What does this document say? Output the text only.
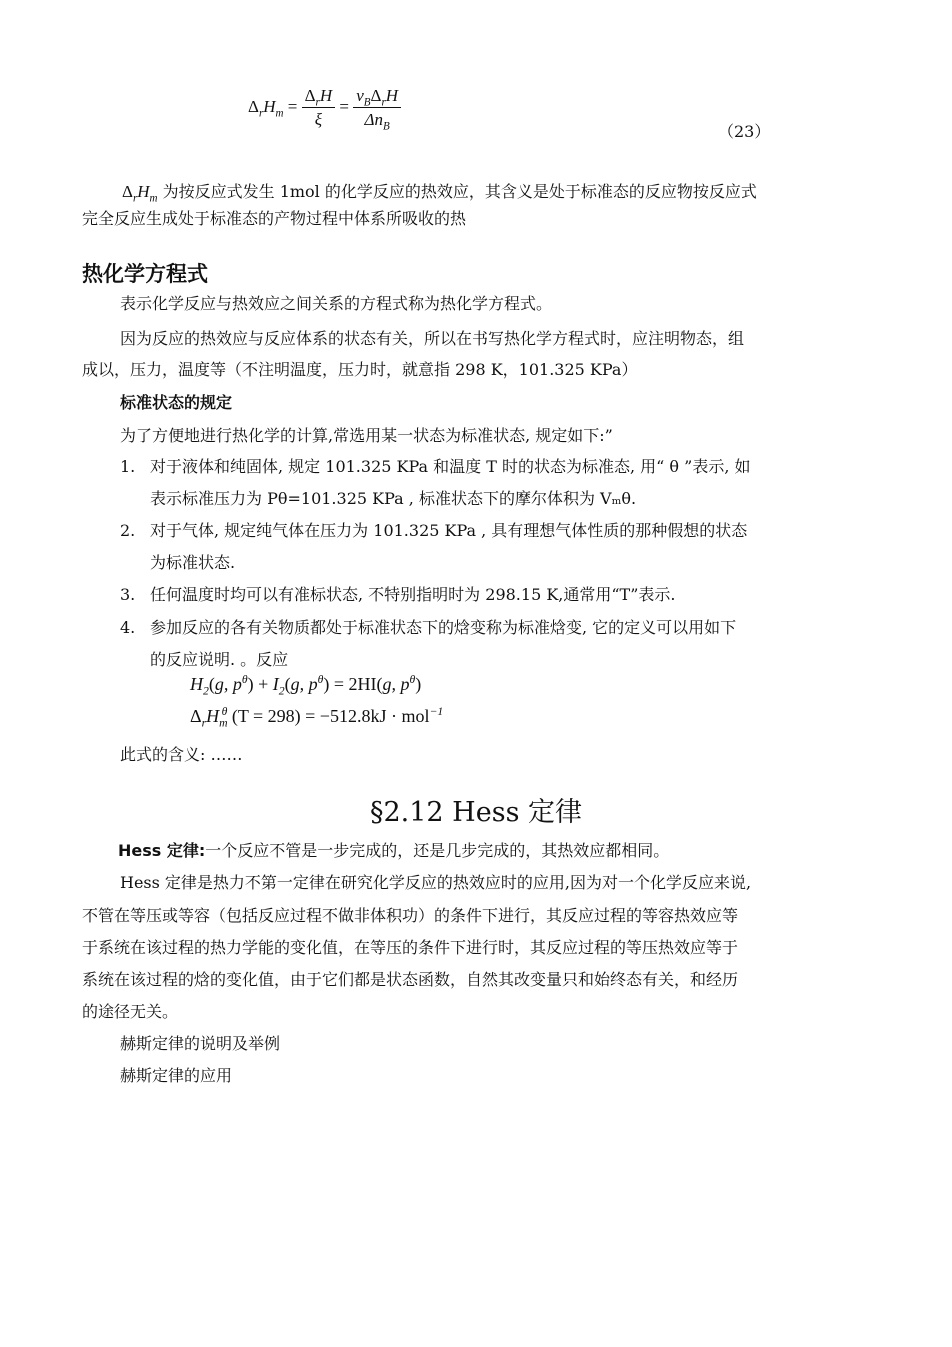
$\Delta_rH_m = \frac{\Delta_rH}{\xi} = \frac{\nu_B\Delta_rH}{\Delta n_B}$
（23）
$\Delta_rH_m$ 为按反应式发生 1mol 的化学反应的热效应，其含义是处于标准态的反应物按反应式
完全反应生成处于标准态的产物过程中体系所吸收的热
热化学方程式
表示化学反应与热效应之间关系的方程式称为热化学方程式。
因为反应的热效应与反应体系的状态有关，所以在书写热化学方程式时，应注明物态，组
成以，压力，温度等（不注明温度，压力时，就意指 298 K，101.325 KPa）
标准状态的规定
为了方便地进行热化学的计算,常选用某一状态为标准状态, 规定如下:”
1. 对于液体和纯固体, 规定 101.325 KPa 和温度 T 时的状态为标准态, 用“ θ ”表示, 如
表示标准压力为 Pθ=101.325 KPa , 标准状态下的摩尔体积为 Vₘθ.
2. 对于气体, 规定纯气体在压力为 101.325 KPa , 具有理想气体性质的那种假想的状态
为标准状态.
3. 任何温度时均可以有准标状态, 不特别指明时为 298.15 K,通常用“T”表示.
4. 参加反应的各有关物质都处于标准状态下的焓变称为标准焓变, 它的定义可以用如下
的反应说明. 。反应
$H_2(g$, $p^\theta) + I_2(g$, $p^\theta) = 2HI(g$, $p^\theta$)
$\Delta_rH_m^\theta$ (T = 298) = −512.8kJ · mol$^{-1}$
此式的含义: ……
§2.12 Hess 定律
Hess 定律:一个反应不管是一步完成的，还是几步完成的，其热效应都相同。
Hess 定律是热力不第一定律在研究化学反应的热效应时的应用,因为对一个化学反应来说,
不管在等压或等容（包括反应过程不做非体积功）的条件下进行，其反应过程的等容热效应等
于系统在该过程的热力学能的变化值，在等压的条件下进行时，其反应过程的等压热效应等于
系统在该过程的焓的变化值，由于它们都是状态函数，自然其改变量只和始终态有关，和经历
的途径无关。
赫斯定律的说明及举例
赫斯定律的应用
